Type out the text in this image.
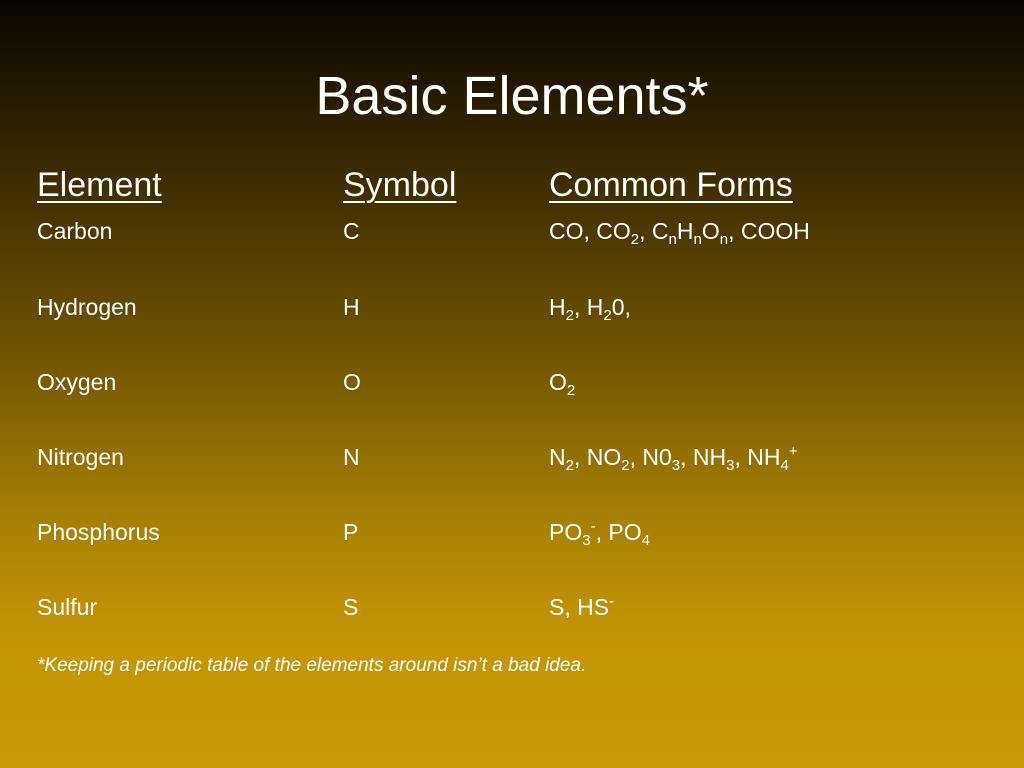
Basic Elements*
Element	Symbol	Common Forms
Carbon	C	CO, $CO_2$, $C_nH_nO_n$, COOH
Hydrogen	H	$H_2$, $H_20$,
Oxygen	O	$O_2$
Nitrogen	N	$N_2$, $NO_2$, $N0_3$, $NH_3$, $NH_4^+$
Phosphorus	P	$PO_3^-$, $PO_4$
Sulfur	S	S, HS-
*Keeping a periodic table of the elements around isn’t a bad idea.
